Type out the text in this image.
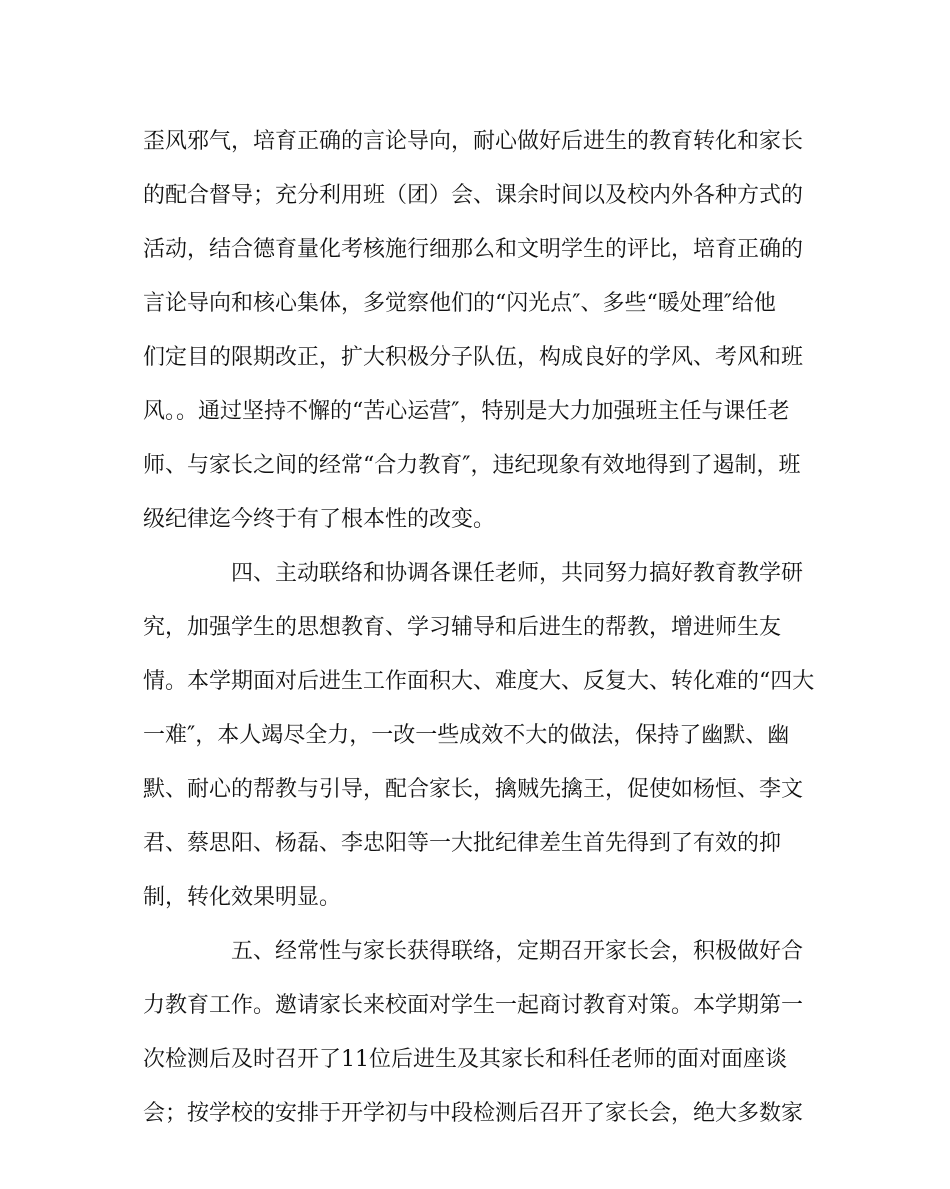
歪风邪气，培育正确的言论导向，耐心做好后进生的教育转化和家长
的配合督导；充分利用班（团）会、课余时间以及校内外各种方式的
活动，结合德育量化考核施行细那么和文明学生的评比，培育正确的
言论导向和核心集体，多觉察他们的“闪光点″、多些“暖处理″给他
们定目的限期改正，扩大积极分子队伍，构成良好的学风、考风和班
风。。通过坚持不懈的“苦心运营″，特别是大力加强班主任与课任老
师、与家长之间的经常“合力教育″，违纪现象有效地得到了遏制，班
级纪律迄今终于有了根本性的改变。
四、主动联络和协调各课任老师，共同努力搞好教育教学研
究，加强学生的思想教育、学习辅导和后进生的帮教，增进师生友
情。本学期面对后进生工作面积大、难度大、反复大、转化难的“四大
一难″，本人竭尽全力，一改一些成效不大的做法，保持了幽默、幽
默、耐心的帮教与引导，配合家长，擒贼先擒王，促使如杨恒、李文
君、蔡思阳、杨磊、李忠阳等一大批纪律差生首先得到了有效的抑
制，转化效果明显。
五、经常性与家长获得联络，定期召开家长会，积极做好合
力教育工作。邀请家长来校面对学生一起商讨教育对策。本学期第一
次检测后及时召开了11位后进生及其家长和科任老师的面对面座谈
会；按学校的安排于开学初与中段检测后召开了家长会，绝大多数家
